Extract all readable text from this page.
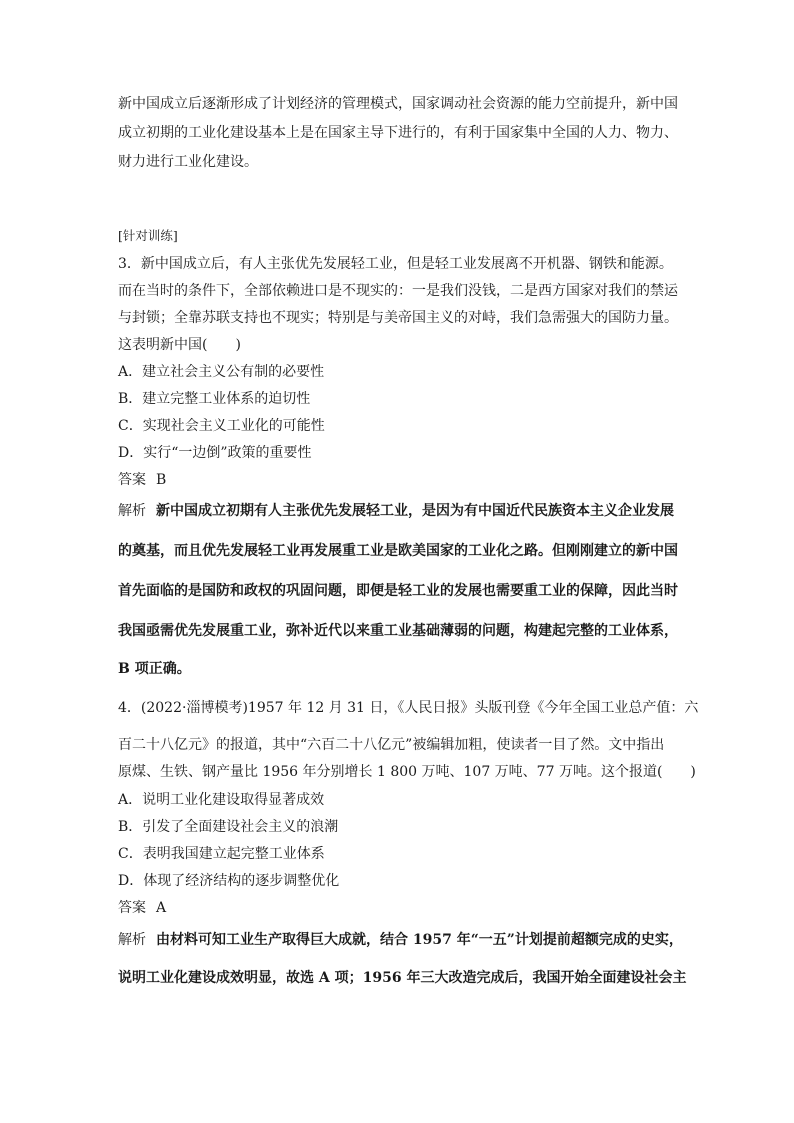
新中国成立后逐渐形成了计划经济的管理模式，国家调动社会资源的能力空前提升，新中国
成立初期的工业化建设基本上是在国家主导下进行的，有利于国家集中全国的人力、物力、
财力进行工业化建设。
[针对训练]
3．新中国成立后，有人主张优先发展轻工业，但是轻工业发展离不开机器、钢铁和能源。
而在当时的条件下，全部依赖进口是不现实的：一是我们没钱，二是西方国家对我们的禁运
与封锁；全靠苏联支持也不现实；特别是与美帝国主义的对峙，我们急需强大的国防力量。
这表明新中国(　　)
A．建立社会主义公有制的必要性
B．建立完整工业体系的迫切性
C．实现社会主义工业化的可能性
D．实行“一边倒”政策的重要性
答案 B
解析 新中国成立初期有人主张优先发展轻工业，是因为有中国近代民族资本主义企业发展
的奠基，而且优先发展轻工业再发展重工业是欧美国家的工业化之路。但刚刚建立的新中国
首先面临的是国防和政权的巩固问题，即便是轻工业的发展也需要重工业的保障，因此当时
我国亟需优先发展重工业，弥补近代以来重工业基础薄弱的问题，构建起完整的工业体系，
B 项正确。
4．(2022·淄博模考)1957 年 12 月 31 日，《人民日报》头版刊登《今年全国工业总产值：六
百二十八亿元》的报道，其中“六百二十八亿元”被编辑加粗，使读者一目了然。文中指出
原煤、生铁、钢产量比 1956 年分别增长 1 800 万吨、107 万吨、77 万吨。这个报道(　　)
A．说明工业化建设取得显著成效
B．引发了全面建设社会主义的浪潮
C．表明我国建立起完整工业体系
D．体现了经济结构的逐步调整优化
答案 A
解析 由材料可知工业生产取得巨大成就，结合 1957 年“一五”计划提前超额完成的史实，
说明工业化建设成效明显，故选 A 项；1956 年三大改造完成后，我国开始全面建设社会主
